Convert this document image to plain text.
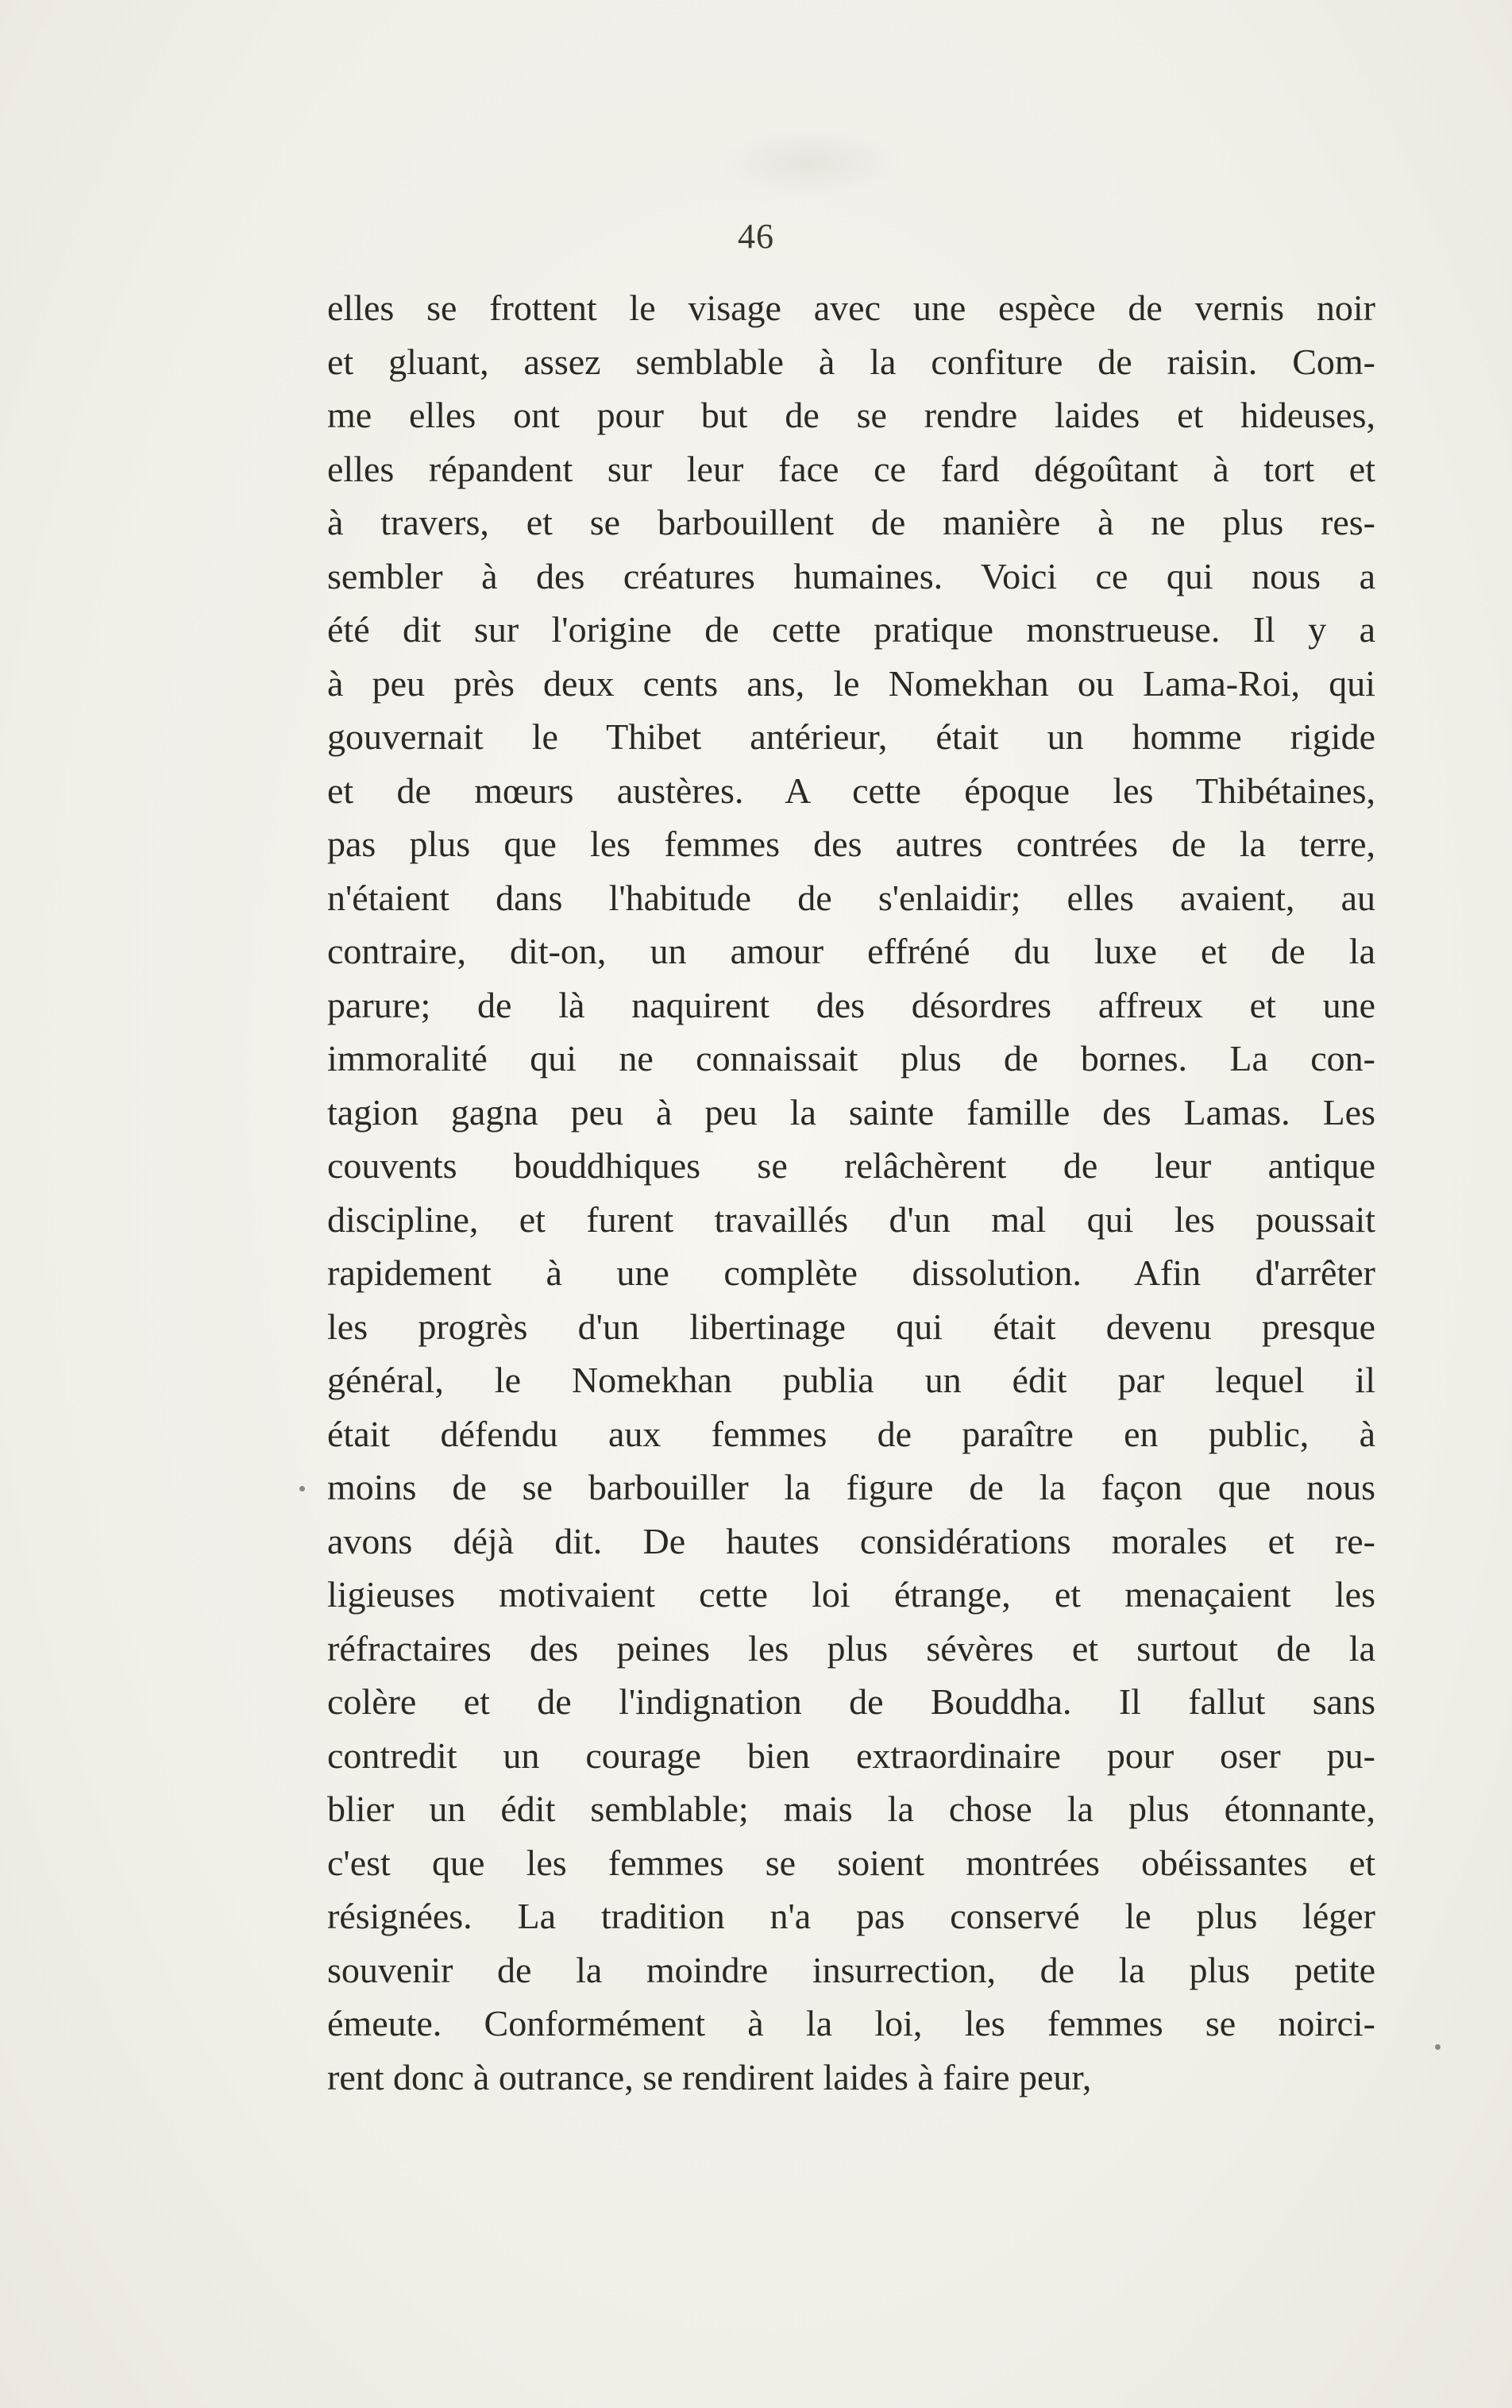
46
elles se frottent le visage avec une espèce de vernis noir
et gluant, assez semblable à la confiture de raisin. Com-
me elles ont pour but de se rendre laides et hideuses,
elles répandent sur leur face ce fard dégoûtant à tort et
à travers, et se barbouillent de manière à ne plus res-
sembler à des créatures humaines. Voici ce qui nous a
été dit sur l'origine de cette pratique monstrueuse. Il y a
à peu près deux cents ans, le Nomekhan ou Lama-Roi, qui
gouvernait le Thibet antérieur, était un homme rigide
et de mœurs austères. A cette époque les Thibétaines,
pas plus que les femmes des autres contrées de la terre,
n'étaient dans l'habitude de s'enlaidir; elles avaient, au
contraire, dit-on, un amour effréné du luxe et de la
parure; de là naquirent des désordres affreux et une
immoralité qui ne connaissait plus de bornes. La con-
tagion gagna peu à peu la sainte famille des Lamas. Les
couvents bouddhiques se relâchèrent de leur antique
discipline, et furent travaillés d'un mal qui les poussait
rapidement à une complète dissolution. Afin d'arrêter
les progrès d'un libertinage qui était devenu presque
général, le Nomekhan publia un édit par lequel il
était défendu aux femmes de paraître en public, à
moins de se barbouiller la figure de la façon que nous
avons déjà dit. De hautes considérations morales et re-
ligieuses motivaient cette loi étrange, et menaçaient les
réfractaires des peines les plus sévères et surtout de la
colère et de l'indignation de Bouddha. Il fallut sans
contredit un courage bien extraordinaire pour oser pu-
blier un édit semblable; mais la chose la plus étonnante,
c'est que les femmes se soient montrées obéissantes et
résignées. La tradition n'a pas conservé le plus léger
souvenir de la moindre insurrection, de la plus petite
émeute. Conformément à la loi, les femmes se noirci-
rent donc à outrance, se rendirent laides à faire peur,
